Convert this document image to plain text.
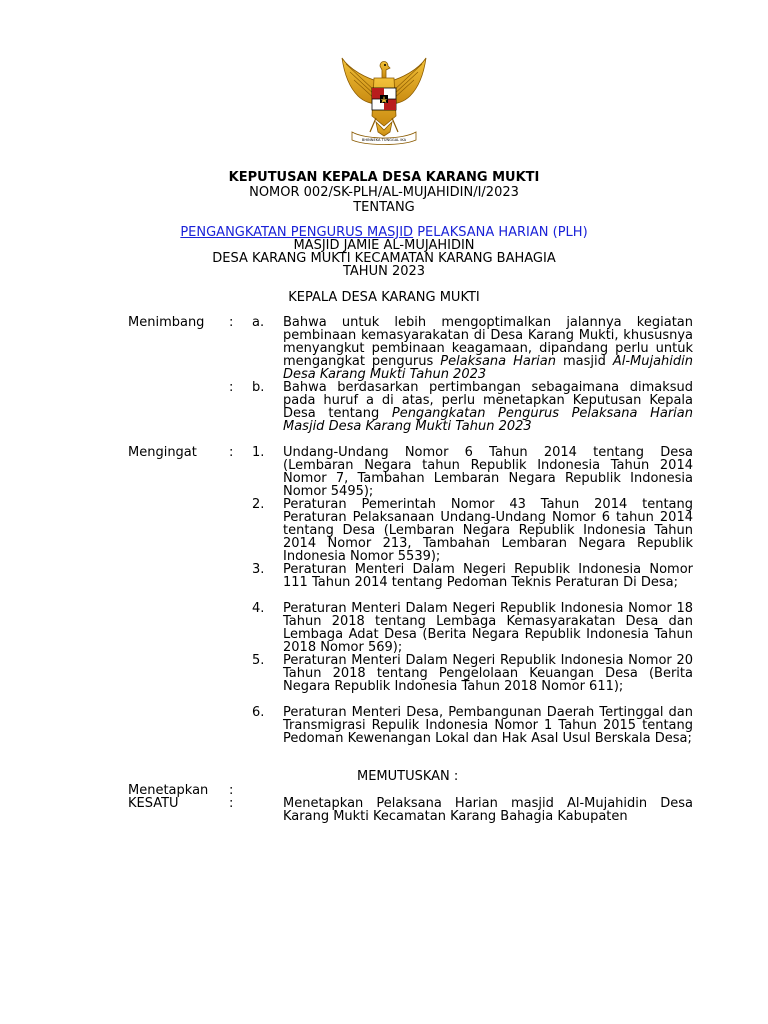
BHINNEKA TUNGGAL IKA
KEPUTUSAN KEPALA DESA KARANG MUKTI
NOMOR 002/SK-PLH/AL-MUJAHIDIN/I/2023
TENTANG
PENGANGKATAN PENGURUS MASJID PELAKSANA HARIAN (PLH)
MASJID JAMIE AL-MUJAHIDIN
DESA KARANG MUKTI KECAMATAN KARANG BAHAGIA
TAHUN 2023
KEPALA DESA KARANG MUKTI
Menimbang : a. Bahwa untuk lebih mengoptimalkan jalannya kegiatan pembinaan kemasyarakatan di Desa Karang Mukti, khususnya menyangkut pembinaan keagamaan, dipandang perlu untuk mengangkat pengurus Pelaksana Harian masjid Al-Mujahidin Desa Karang Mukti Tahun 2023
: b. Bahwa berdasarkan pertimbangan sebagaimana dimaksud pada huruf a di atas, perlu menetapkan Keputusan Kepala Desa tentang Pengangkatan Pengurus Pelaksana Harian Masjid Desa Karang Mukti Tahun 2023
Mengingat : 1. Undang-Undang Nomor 6 Tahun 2014 tentang Desa (Lembaran Negara tahun Republik Indonesia Tahun 2014 Nomor 7, Tambahan Lembaran Negara Republik Indonesia Nomor 5495);
2. Peraturan Pemerintah Nomor 43 Tahun 2014 tentang Peraturan Pelaksanaan Undang-Undang Nomor 6 tahun 2014 tentang Desa (Lembaran Negara Republik Indonesia Tahun 2014 Nomor 213, Tambahan Lembaran Negara Republik Indonesia Nomor 5539);
3. Peraturan Menteri Dalam Negeri Republik Indonesia Nomor 111 Tahun 2014 tentang Pedoman Teknis Peraturan Di Desa;
4. Peraturan Menteri Dalam Negeri Republik Indonesia Nomor 18 Tahun 2018 tentang Lembaga Kemasyarakatan Desa dan Lembaga Adat Desa (Berita Negara Republik Indonesia Tahun 2018 Nomor 569);
5. Peraturan Menteri Dalam Negeri Republik Indonesia Nomor 20 Tahun 2018 tentang Pengelolaan Keuangan Desa (Berita Negara Republik Indonesia Tahun 2018 Nomor 611);
6. Peraturan Menteri Desa, Pembangunan Daerah Tertinggal dan Transmigrasi Repulik Indonesia Nomor 1 Tahun 2015 tentang Pedoman Kewenangan Lokal dan Hak Asal Usul Berskala Desa;
MEMUTUSKAN :
Menetapkan :
KESATU	:	Menetapkan Pelaksana Harian masjid Al-Mujahidin Desa Karang Mukti Kecamatan Karang Bahagia Kabupaten
